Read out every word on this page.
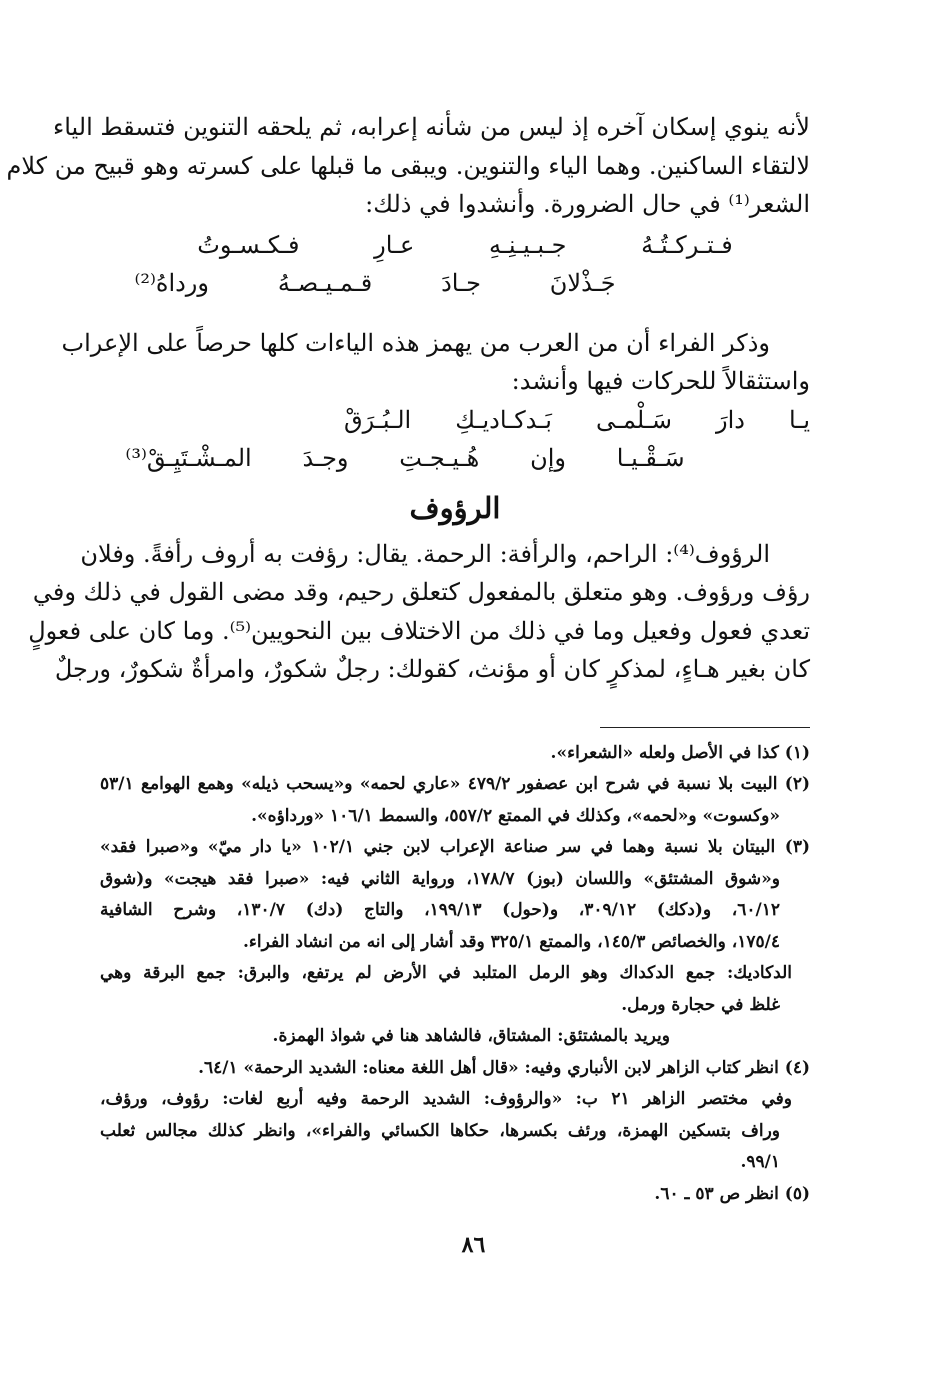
لأنه ينوي إسكان آخره إذ ليس من شأنه إعرابه، ثم يلحقه التنوين فتسقط الياء
لالتقاء الساكنين. وهما الياء والتنوين. ويبقى ما قبلها على كسرته وهو قبيح من كلام
الشعر⁽¹⁾ في حال الضرورة. وأنشدوا في ذلك:

فـتـركـتُـهُ
جـبـيـنِـهِ
عـارِ
فـكـسـوتُ
جَـذْلانَ
جـادَ
قـمـيـصـهُ
ورداهُ⁽²⁾

وذكر الفراء أن من العرب من يهمز هذه الياءات كلها حرصاً على الإعراب
واستثقالاً للحركات فيها وأنشد:

يـا
دارَ
سَـلْمـى
بَـدكـاديـكِ
الـبُـرَقْ
سَـقْـيـا
وإن
هُـيـجـتِ
وجـدَ
المـشْـتَيِـقْ⁽³⁾
الرؤوف

الرؤوف⁽⁴⁾: الراحم، والرأفة: الرحمة. يقال: رؤفت به أروف رأفةً. وفلان
رؤف ورؤوف. وهو متعلق بالمفعول كتعلق رحيم، وقد مضى القول في ذلك وفي
تعدي فعول وفعيل وما في ذلك من الاختلاف بين النحويين⁽⁵⁾. وما كان على فعولٍ
كان بغير هـاءٍ، لمذكرٍ كان أو مؤنث، كقولك: رجلٌ شكورٌ، وامرأةٌ شكورٌ، ورجلٌ

(١) كذا في الأصل ولعله «الشعراء».
(٢) البيت بلا نسبة في شرح ابن عصفور ٤٧٩/٢ «عاري لحمه» و«يسحب ذيله» وهمع الهوامع ٥٣/١
«وكسوت» و«لحمه»، وكذلك في الممتع ٥٥٧/٢، والسمط ١٠٦/١ «ورداؤه».
(٣) البيتان بلا نسبة وهما في سر صناعة الإعراب لابن جني ١٠٢/١ «يا دار ميّ» و«صبرا فقد»
و«شوق المشتئق» واللسان (بوز) ١٧٨/٧، ورواية الثاني فيه: «صبرا فقد هيجت» و(شوق
٦٠/١٢، و(دكك) ٣٠٩/١٢، و(حول) ١٩٩/١٣، والتاج (دك) ١٣٠/٧، وشرح الشافية
١٧٥/٤، والخصائص ١٤٥/٣، والممتع ٣٢٥/١ وقد أشار إلى انه من انشاد الفراء.
الدكاديك: جمع الدكداك وهو الرمل المتلبد في الأرض لم يرتفع، والبرق: جمع البرقة وهي
غلظ في حجارة ورمل.
ويريد بالمشتئق: المشتاق، فالشاهد هنا في شواذ الهمزة.
(٤) انظر كتاب الزاهر لابن الأنباري وفيه: «قال أهل اللغة معناه: الشديد الرحمة» ٦٤/١.
وفي مختصر الزاهر ٢١ ب: «والرؤوف: الشديد الرحمة وفيه أربع لغات: رؤوف، ورؤف،
وراف بتسكين الهمزة، ورئف بكسرها، حكاها الكسائي والفراء»، وانظر كذلك مجالس ثعلب
٩٩/١.
(٥) انظر ص ٥٣ ـ ٦٠.
٨٦
